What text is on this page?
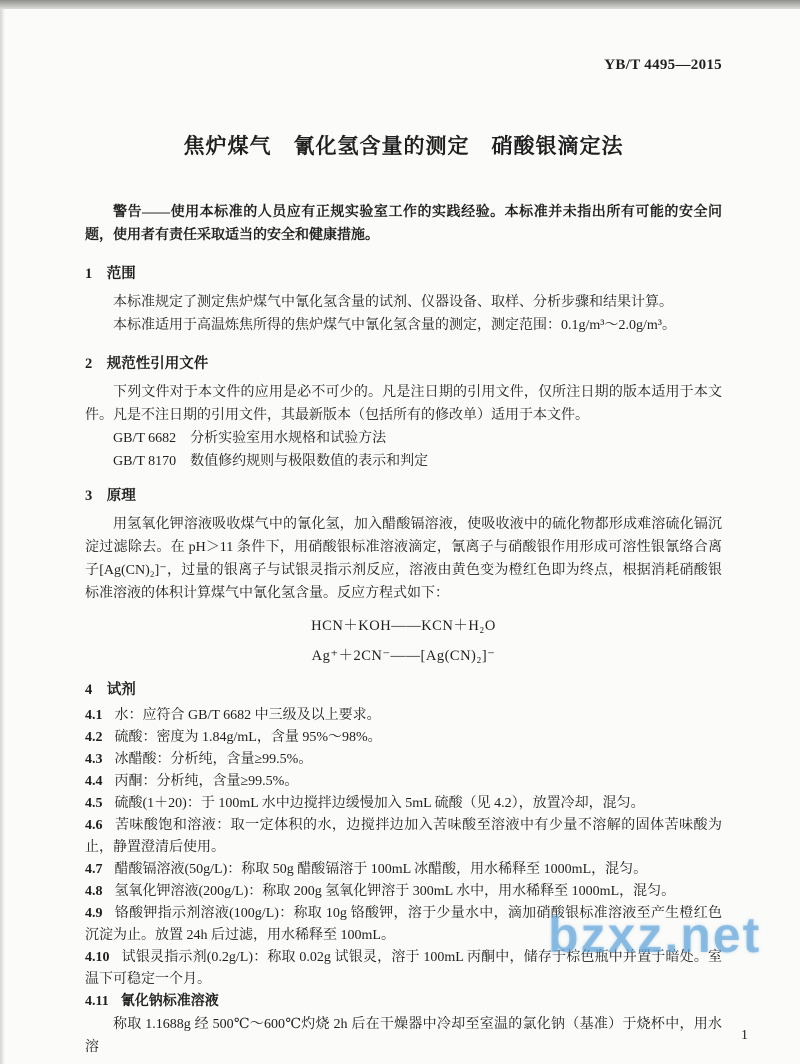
YB/T 4495—2015
焦炉煤气　氰化氢含量的测定　硝酸银滴定法

警告——使用本标准的人员应有正规实验室工作的实践经验。本标准并未指出所有可能的安全问题，使用者有责任采取适当的安全和健康措施。

1　范围

本标准规定了测定焦炉煤气中氰化氢含量的试剂、仪器设备、取样、分析步骤和结果计算。

本标准适用于高温炼焦所得的焦炉煤气中氰化氢含量的测定，测定范围：0.1g/m³～2.0g/m³。

2　规范性引用文件

下列文件对于本文件的应用是必不可少的。凡是注日期的引用文件，仅所注日期的版本适用于本文件。凡是不注日期的引用文件，其最新版本（包括所有的修改单）适用于本文件。

GB/T 6682　分析实验室用水规格和试验方法

GB/T 8170　数值修约规则与极限数值的表示和判定

3　原理

用氢氧化钾溶液吸收煤气中的氰化氢，加入醋酸镉溶液，使吸收液中的硫化物都形成难溶硫化镉沉淀过滤除去。在 pH＞11 条件下，用硝酸银标准溶液滴定，氰离子与硝酸银作用形成可溶性银氰络合离子[Ag(CN)₂]⁻，过量的银离子与试银灵指示剂反应，溶液由黄色变为橙红色即为终点，根据消耗硝酸银标准溶液的体积计算煤气中氰化氢含量。反应方程式如下：

HCN＋KOH——KCN＋H₂O

Ag⁺＋2CN⁻——[Ag(CN)₂]⁻

4　试剂

4.1 水：应符合 GB/T 6682 中三级及以上要求。

4.2 硫酸：密度为 1.84g/mL，含量 95%～98%。

4.3 冰醋酸：分析纯，含量≥99.5%。

4.4 丙酮：分析纯，含量≥99.5%。

4.5 硫酸(1＋20)：于 100mL 水中边搅拌边缓慢加入 5mL 硫酸（见 4.2），放置冷却，混匀。

4.6 苦味酸饱和溶液：取一定体积的水，边搅拌边加入苦味酸至溶液中有少量不溶解的固体苦味酸为止，静置澄清后使用。

4.7 醋酸镉溶液(50g/L)：称取 50g 醋酸镉溶于 100mL 冰醋酸，用水稀释至 1000mL，混匀。

4.8 氢氧化钾溶液(200g/L)：称取 200g 氢氧化钾溶于 300mL 水中，用水稀释至 1000mL，混匀。

4.9 铬酸钾指示剂溶液(100g/L)：称取 10g 铬酸钾，溶于少量水中，滴加硝酸银标准溶液至产生橙红色沉淀为止。放置 24h 后过滤，用水稀释至 100mL。

4.10 试银灵指示剂(0.2g/L)：称取 0.02g 试银灵，溶于 100mL 丙酮中，储存于棕色瓶中并置于暗处。室温下可稳定一个月。

4.11 氰化钠标准溶液

称取 1.1688g 经 500℃～600℃灼烧 2h 后在干燥器中冷却至室温的氯化钠（基准）于烧杯中，用水溶

bzxz.net
1
